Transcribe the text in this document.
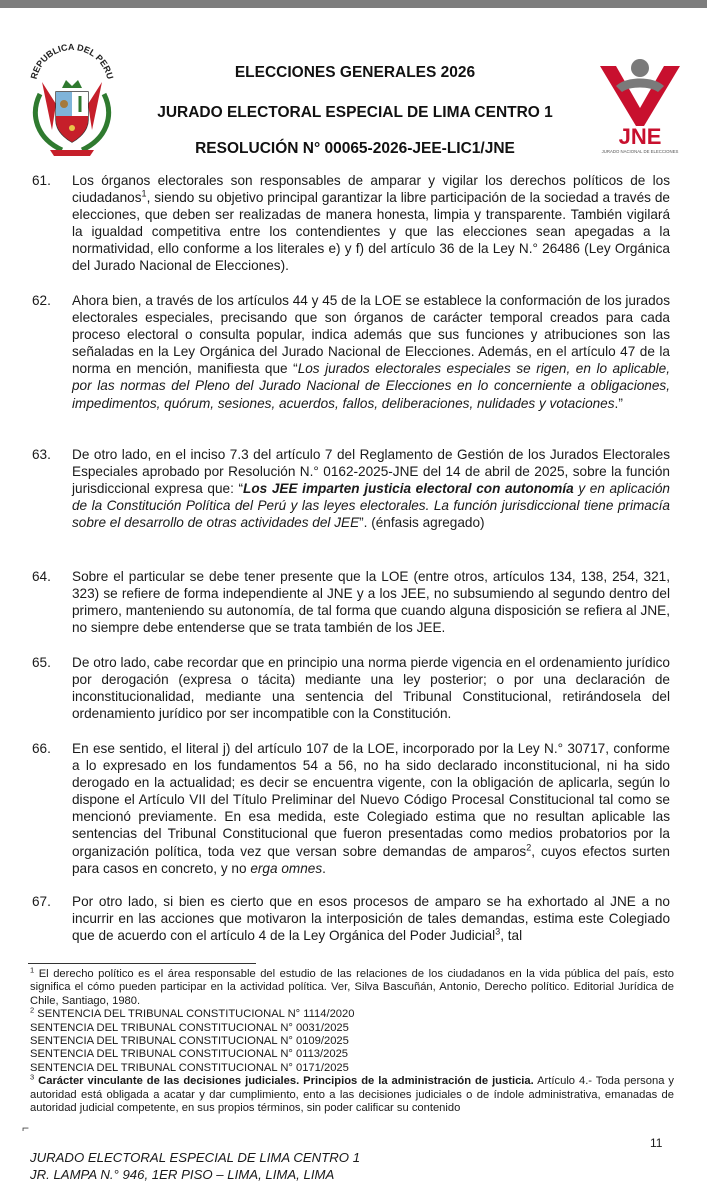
REPUBLICA DEL PERU
JNE
JURADO NACIONAL DE ELECCIONES
ELECCIONES GENERALES 2026
JURADO ELECTORAL ESPECIAL DE LIMA CENTRO 1
RESOLUCIÓN N° 00065-2026-JEE-LIC1/JNE
61.	Los órganos electorales son responsables de amparar y vigilar los derechos políticos de los ciudadanos$^1$, siendo su objetivo principal garantizar la libre participación de la sociedad a través de elecciones, que deben ser realizadas de manera honesta, limpia y transparente. También vigilará la igualdad competitiva entre los contendientes y que las elecciones sean apegadas a la normatividad, ello conforme a los literales e) y f) del artículo 36 de la Ley N.° 26486 (Ley Orgánica del Jurado Nacional de Elecciones).
62.	Ahora bien, a través de los artículos 44 y 45 de la LOE se establece la conformación de los jurados electorales especiales, precisando que son órganos de carácter temporal creados para cada proceso electoral o consulta popular, indica además que sus funciones y atribuciones son las señaladas en la Ley Orgánica del Jurado Nacional de Elecciones. Además, en el artículo 47 de la norma en mención, manifiesta que “Los jurados electorales especiales se rigen, en lo aplicable, por las normas del Pleno del Jurado Nacional de Elecciones en lo concerniente a obligaciones, impedimentos, quórum, sesiones, acuerdos, fallos, deliberaciones, nulidades y votaciones.”
63.	De otro lado, en el inciso 7.3 del artículo 7 del Reglamento de Gestión de los Jurados Electorales Especiales aprobado por Resolución N.° 0162-2025-JNE del 14 de abril de 2025, sobre la función jurisdiccional expresa que: “Los JEE imparten justicia electoral con autonomía y en aplicación de la Constitución Política del Perú y las leyes electorales. La función jurisdiccional tiene primacía sobre el desarrollo de otras actividades del JEE”. (énfasis agregado)
64.	Sobre el particular se debe tener presente que la LOE (entre otros, artículos 134, 138, 254, 321, 323) se refiere de forma independiente al JNE y a los JEE, no subsumiendo al segundo dentro del primero, manteniendo su autonomía, de tal forma que cuando alguna disposición se refiera al JNE, no siempre debe entenderse que se trata también de los JEE.
65.	De otro lado, cabe recordar que en principio una norma pierde vigencia en el ordenamiento jurídico por derogación (expresa o tácita) mediante una ley posterior; o por una declaración de inconstitucionalidad, mediante una sentencia del Tribunal Constitucional, retirándosela del ordenamiento jurídico por ser incompatible con la Constitución.
66.	En ese sentido, el literal j) del artículo 107 de la LOE, incorporado por la Ley N.° 30717, conforme a lo expresado en los fundamentos 54 a 56, no ha sido declarado inconstitucional, ni ha sido derogado en la actualidad; es decir se encuentra vigente, con la obligación de aplicarla, según lo dispone el Artículo VII del Título Preliminar del Nuevo Código Procesal Constitucional tal como se mencionó previamente. En esa medida, este Colegiado estima que no resultan aplicable las sentencias del Tribunal Constitucional que fueron presentadas como medios probatorios por la organización política, toda vez que versan sobre demandas de amparos$^2$, cuyos efectos surten para casos en concreto, y no erga omnes.
67.	Por otro lado, si bien es cierto que en esos procesos de amparo se ha exhortado al JNE a no incurrir en las acciones que motivaron la interposición de tales demandas, estima este Colegiado que de acuerdo con el artículo 4 de la Ley Orgánica del Poder Judicial$^3$, tal
$^1$ El derecho político es el área responsable del estudio de las relaciones de los ciudadanos en la vida pública del país, esto significa el cómo pueden participar en la actividad política. Ver, Silva Bascuñán, Antonio, Derecho político. Editorial Jurídica de Chile, Santiago, 1980.
$^2$ SENTENCIA DEL TRIBUNAL CONSTITUCIONAL N° 1114/2020
SENTENCIA DEL TRIBUNAL CONSTITUCIONAL N° 0031/2025
SENTENCIA DEL TRIBUNAL CONSTITUCIONAL N° 0109/2025
SENTENCIA DEL TRIBUNAL CONSTITUCIONAL N° 0113/2025
SENTENCIA DEL TRIBUNAL CONSTITUCIONAL N° 0171/2025
$^3$ Carácter vinculante de las decisiones judiciales. Principios de la administración de justicia. Artículo 4.- Toda persona y autoridad está obligada a acatar y dar cumplimiento, ento a las decisiones judiciales o de índole administrativa, emanadas de autoridad judicial competente, en sus propios términos, sin poder calificar su contenido
⌐
11
JURADO ELECTORAL ESPECIAL DE LIMA CENTRO 1
JR. LAMPA N.° 946, 1ER PISO – LIMA, LIMA, LIMA
